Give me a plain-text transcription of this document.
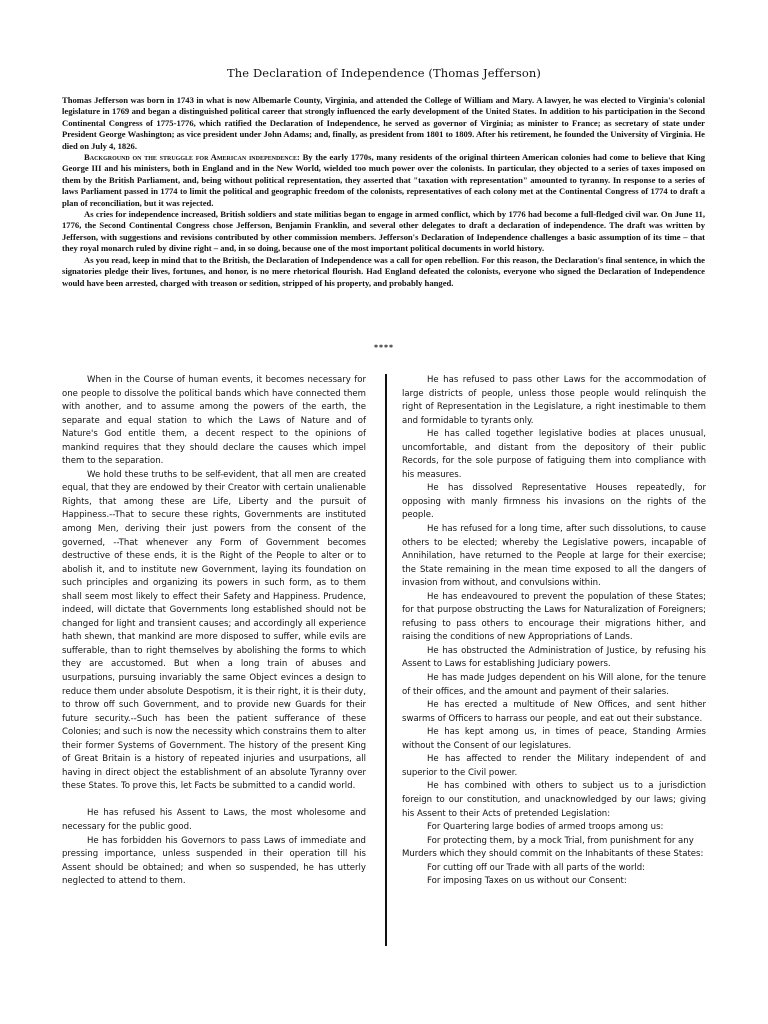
The Declaration of Independence (Thomas Jefferson)

Thomas Jefferson was born in 1743 in what is now Albemarle County, Virginia, and attended the College of William and Mary. A lawyer, he was elected to Virginia's colonial legislature in 1769 and began a distinguished political career that strongly influenced the early development of the United States. In addition to his participation in the Second Continental Congress of 1775-1776, which ratified the Declaration of Independence, he served as governor of Virginia; as minister to France; as secretary of state under President George Washington; as vice president under John Adams; and, finally, as president from 1801 to 1809. After his retirement, he founded the University of Virginia. He died on July 4, 1826.

Background on the struggle for American independence: By the early 1770s, many residents of the original thirteen American colonies had come to believe that King George III and his ministers, both in England and in the New World, wielded too much power over the colonists. In particular, they objected to a series of taxes imposed on them by the British Parliament, and, being without political representation, they asserted that "taxation with representation" amounted to tyranny. In response to a series of laws Parliament passed in 1774 to limit the political and geographic freedom of the colonists, representatives of each colony met at the Continental Congress of 1774 to draft a plan of reconciliation, but it was rejected.

As cries for independence increased, British soldiers and state militias began to engage in armed conflict, which by 1776 had become a full-fledged civil war. On June 11, 1776, the Second Continental Congress chose Jefferson, Benjamin Franklin, and several other delegates to draft a declaration of independence. The draft was written by Jefferson, with suggestions and revisions contributed by other commission members. Jefferson's Declaration of Independence challenges a basic assumption of its time – that they royal monarch ruled by divine right – and, in so doing, because one of the most important political documents in world history.

As you read, keep in mind that to the British, the Declaration of Independence was a call for open rebellion. For this reason, the Declaration's final sentence, in which the signatories pledge their lives, fortunes, and honor, is no mere rhetorical flourish. Had England defeated the colonists, everyone who signed the Declaration of Independence would have been arrested, charged with treason or sedition, stripped of his property, and probably hanged.

****

When in the Course of human events, it becomes necessary for one people to dissolve the political bands which have connected them with another, and to assume among the powers of the earth, the separate and equal station to which the Laws of Nature and of Nature's God entitle them, a decent respect to the opinions of mankind requires that they should declare the causes which impel them to the separation.

We hold these truths to be self-evident, that all men are created equal, that they are endowed by their Creator with certain unalienable Rights, that among these are Life, Liberty and the pursuit of Happiness.--That to secure these rights, Governments are instituted among Men, deriving their just powers from the consent of the governed, --That whenever any Form of Government becomes destructive of these ends, it is the Right of the People to alter or to abolish it, and to institute new Government, laying its foundation on such principles and organizing its powers in such form, as to them shall seem most likely to effect their Safety and Happiness. Prudence, indeed, will dictate that Governments long established should not be changed for light and transient causes; and accordingly all experience hath shewn, that mankind are more disposed to suffer, while evils are sufferable, than to right themselves by abolishing the forms to which they are accustomed. But when a long train of abuses and usurpations, pursuing invariably the same Object evinces a design to reduce them under absolute Despotism, it is their right, it is their duty, to throw off such Government, and to provide new Guards for their future security.--Such has been the patient sufferance of these Colonies; and such is now the necessity which constrains them to alter their former Systems of Government. The history of the present King of Great Britain is a history of repeated injuries and usurpations, all having in direct object the establishment of an absolute Tyranny over these States. To prove this, let Facts be submitted to a candid world.

He has refused his Assent to Laws, the most wholesome and necessary for the public good.

He has forbidden his Governors to pass Laws of immediate and pressing importance, unless suspended in their operation till his Assent should be obtained; and when so suspended, he has utterly neglected to attend to them.

He has refused to pass other Laws for the accommodation of large districts of people, unless those people would relinquish the right of Representation in the Legislature, a right inestimable to them and formidable to tyrants only.

He has called together legislative bodies at places unusual, uncomfortable, and distant from the depository of their public Records, for the sole purpose of fatiguing them into compliance with his measures.

He has dissolved Representative Houses repeatedly, for opposing with manly firmness his invasions on the rights of the people.

He has refused for a long time, after such dissolutions, to cause others to be elected; whereby the Legislative powers, incapable of Annihilation, have returned to the People at large for their exercise; the State remaining in the mean time exposed to all the dangers of invasion from without, and convulsions within.

He has endeavoured to prevent the population of these States; for that purpose obstructing the Laws for Naturalization of Foreigners; refusing to pass others to encourage their migrations hither, and raising the conditions of new Appropriations of Lands.

He has obstructed the Administration of Justice, by refusing his Assent to Laws for establishing Judiciary powers.

He has made Judges dependent on his Will alone, for the tenure of their offices, and the amount and payment of their salaries.

He has erected a multitude of New Offices, and sent hither swarms of Officers to harrass our people, and eat out their substance.

He has kept among us, in times of peace, Standing Armies without the Consent of our legislatures.

He has affected to render the Military independent of and superior to the Civil power.

He has combined with others to subject us to a jurisdiction foreign to our constitution, and unacknowledged by our laws; giving his Assent to their Acts of pretended Legislation:

For Quartering large bodies of armed troops among us:

For protecting them, by a mock Trial, from punishment for any Murders which they should commit on the Inhabitants of these States:

For cutting off our Trade with all parts of the world:

For imposing Taxes on us without our Consent:
